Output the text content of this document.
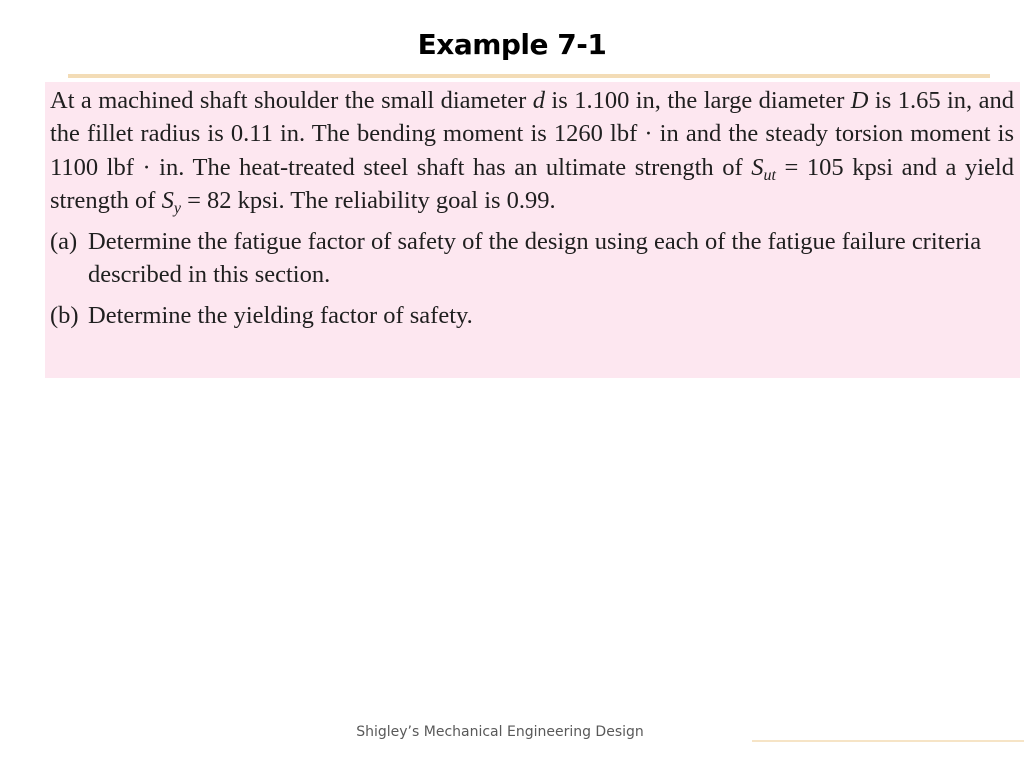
Example 7-1

At a machined shaft shoulder the small diameter d is 1.100 in, the large diameter D is 1.65 in, and the fillet radius is 0.11 in. The bending moment is 1260 lbf · in and the steady torsion moment is 1100 lbf · in. The heat-treated steel shaft has an ultimate strength of $S_{ut} = 105$ kpsi and a yield strength of $S_y = 82$ kpsi. The reliability goal is 0.99.

(a) Determine the fatigue factor of safety of the design using each of the fatigue failure criteria described in this section.
(b) Determine the yielding factor of safety.
Shigley’s Mechanical Engineering Design
